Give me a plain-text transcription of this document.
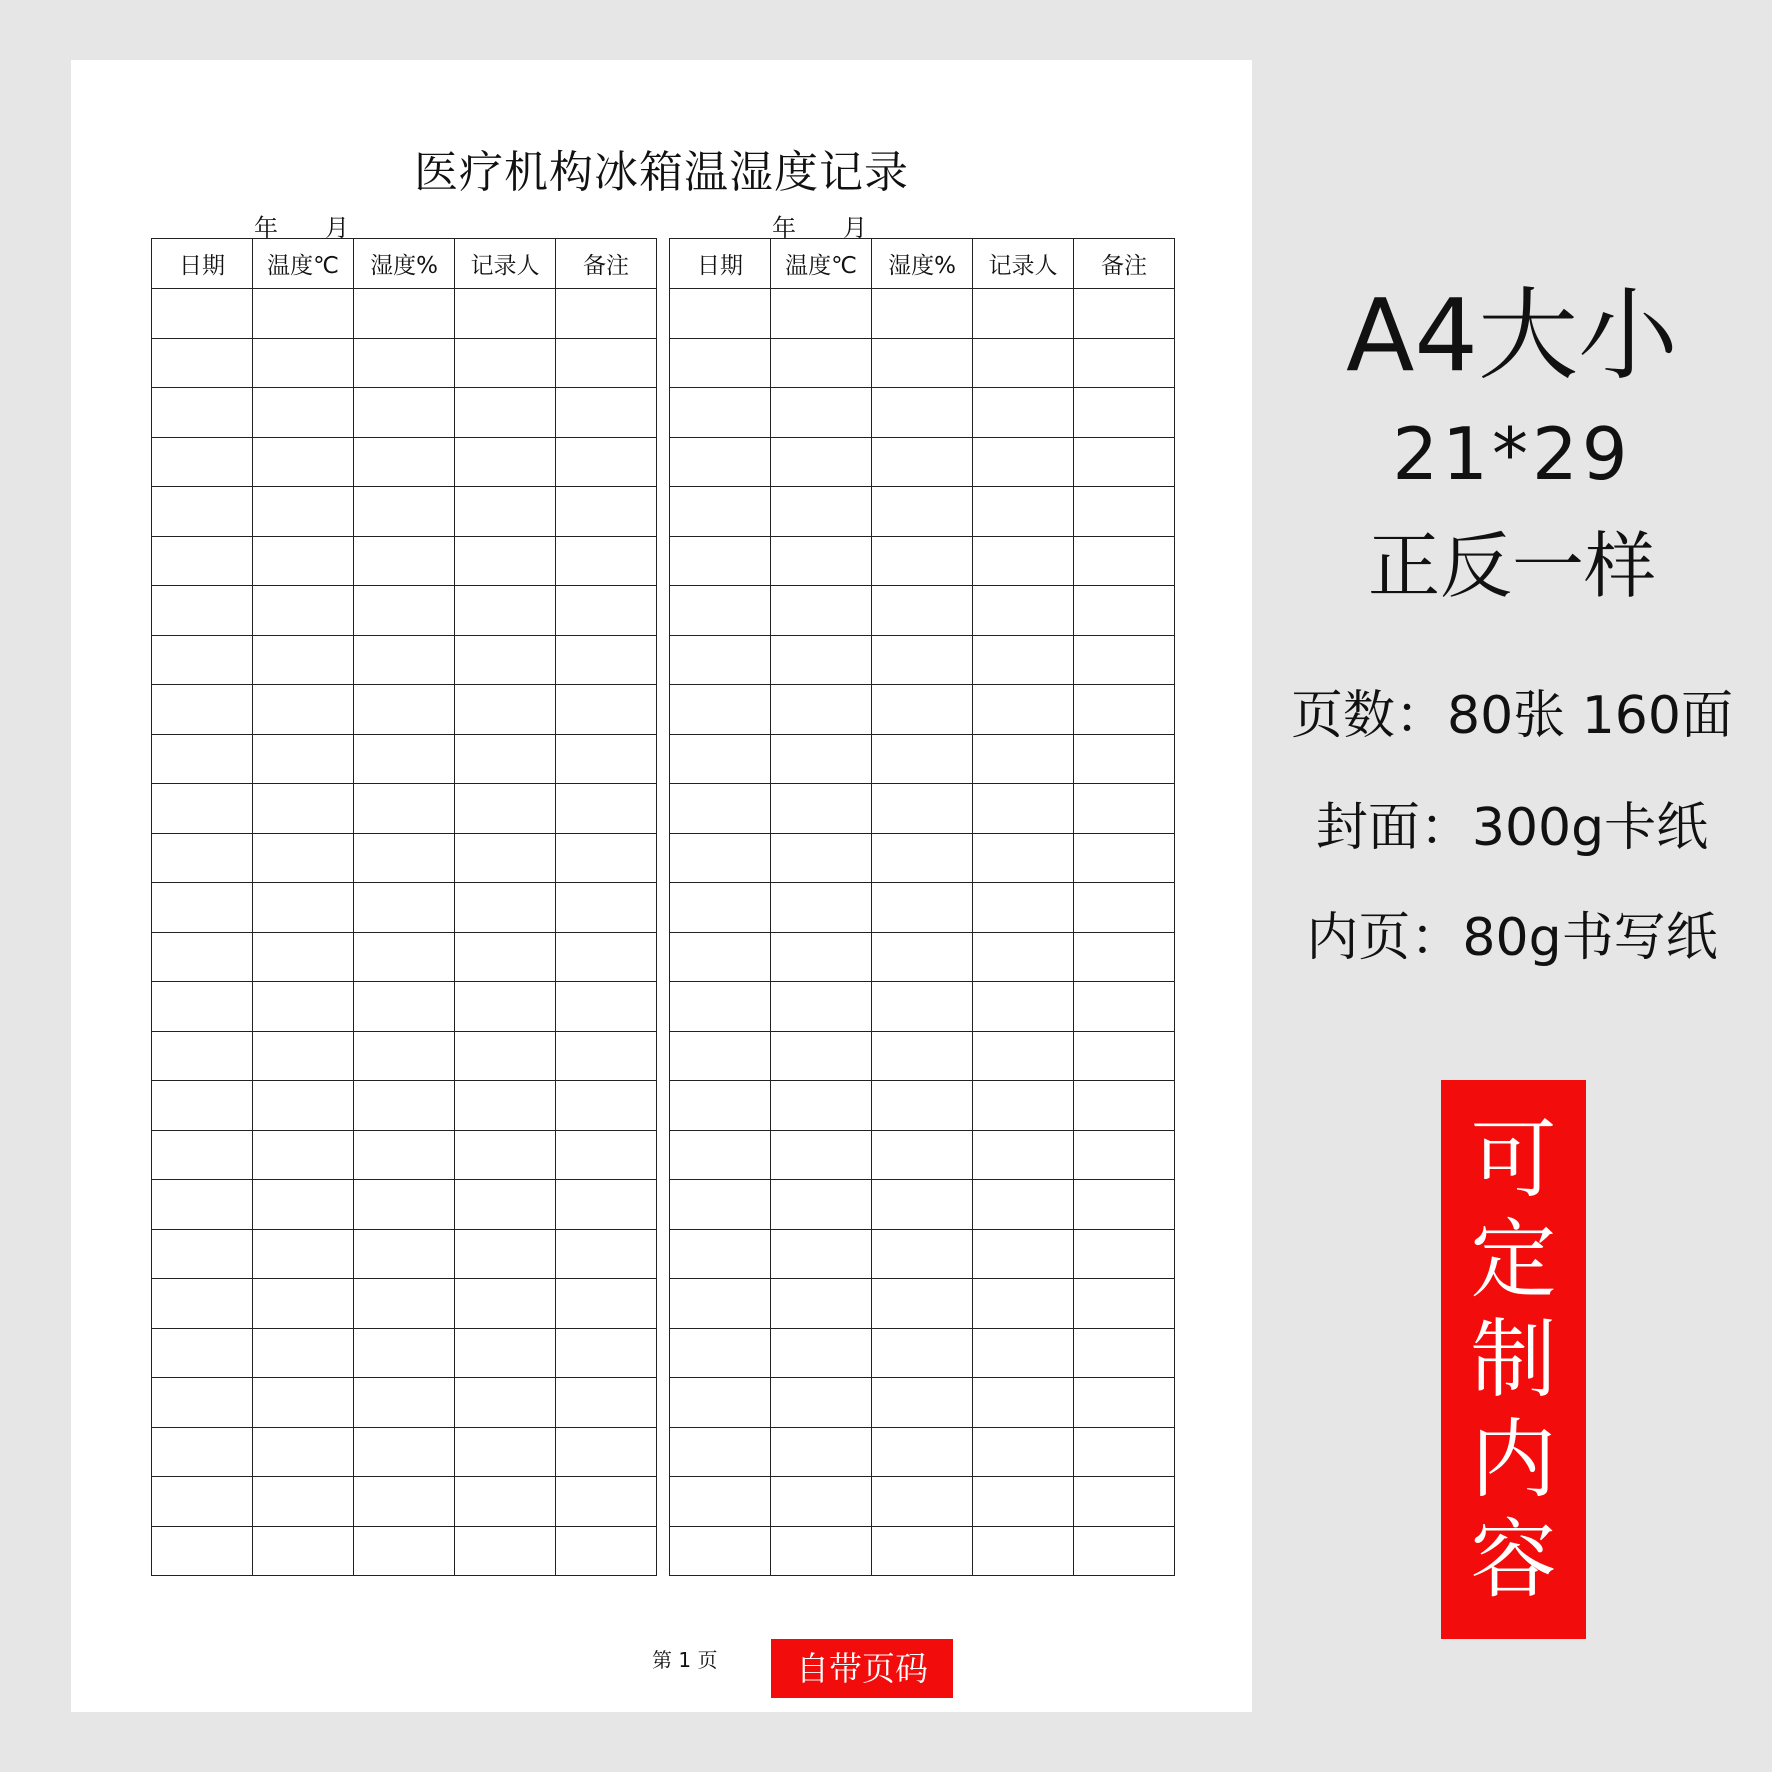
医疗机构冰箱温湿度记录
年 月	年 月
日期	温度℃	湿度%	记录人	备注

					日期	温度℃	湿度%	记录人	备注

第 1 页	自带页码
A4大小
21*29
正反一样
页数：80张 160面
封面：300g卡纸
内页：80g书写纸
可定制内容
